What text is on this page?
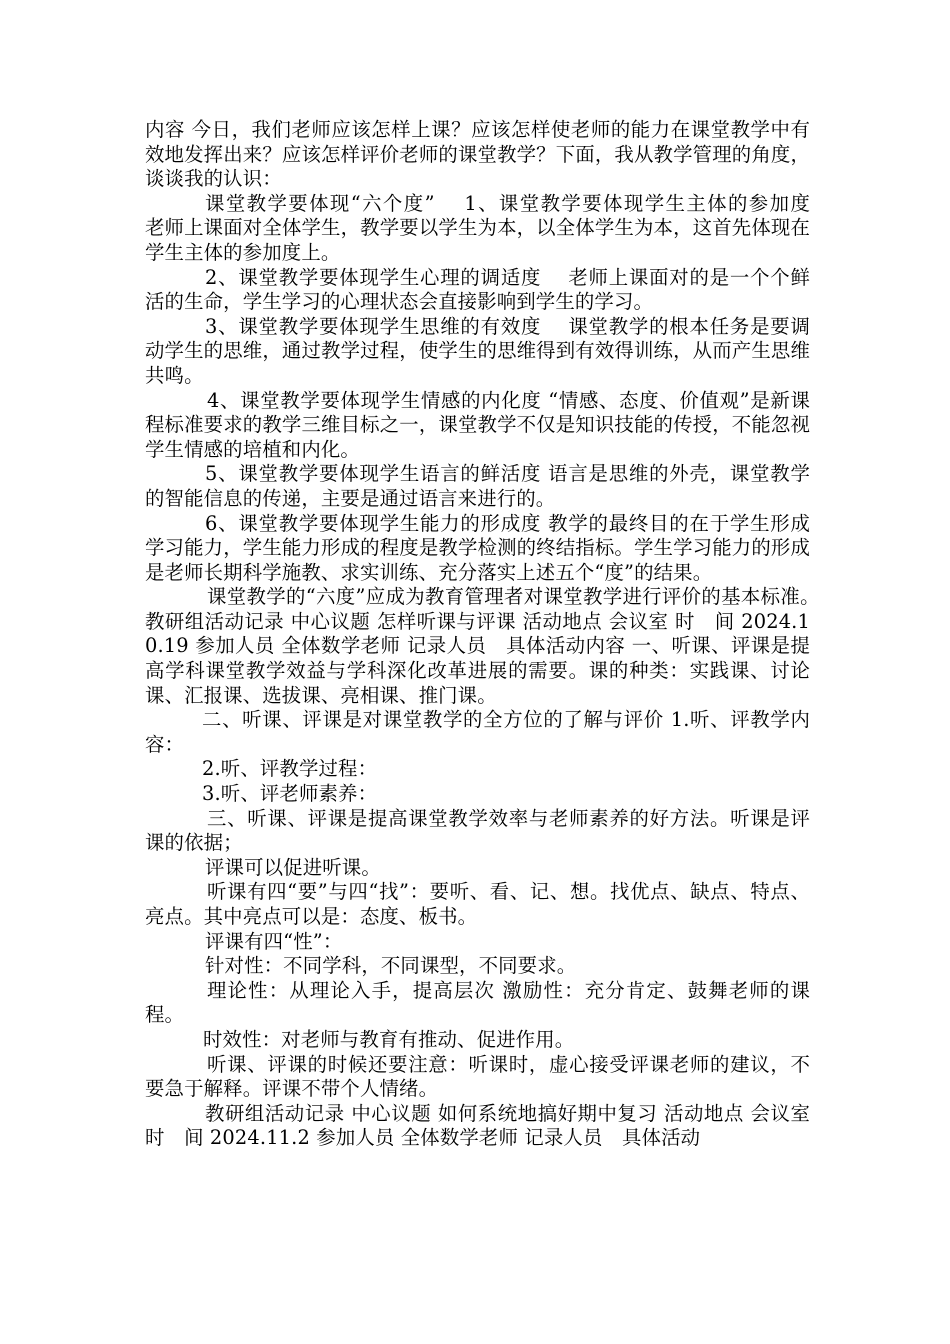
内容 今日，我们老师应该怎样上课？应该怎样使老师的能力在课堂教学中有效地发挥出来？应该怎样评价老师的课堂教学？下面，我从教学管理的角度，谈谈我的认识：

课堂教学要体现“六个度”　 1、课堂教学要体现学生主体的参加度　 老师上课面对全体学生，教学要以学生为本，以全体学生为本，这首先体现在学生主体的参加度上。

2、课堂教学要体现学生心理的调适度　 老师上课面对的是一个个鲜活的生命，学生学习的心理状态会直接影响到学生的学习。

3、课堂教学要体现学生思维的有效度　 课堂教学的根本任务是要调动学生的思维，通过教学过程，使学生的思维得到有效得训练，从而产生思维共鸣。

4、课堂教学要体现学生情感的内化度 “情感、态度、价值观”是新课程标准要求的教学三维目标之一，课堂教学不仅是知识技能的传授，不能忽视学生情感的培植和内化。

5、课堂教学要体现学生语言的鲜活度 语言是思维的外壳，课堂教学的智能信息的传递，主要是通过语言来进行的。

6、课堂教学要体现学生能力的形成度 教学的最终目的在于学生形成学习能力，学生能力形成的程度是教学检测的终结指标。学生学习能力的形成是老师长期科学施教、求实训练、充分落实上述五个“度”的结果。

课堂教学的“六度”应成为教育管理者对课堂教学进行评价的基本标准。　　教研组活动记录 中心议题 怎样听课与评课 活动地点 会议室 时　间 2024.10.19 参加人员 全体数学老师 记录人员　具体活动内容 一、听课、评课是提高学科课堂教学效益与学科深化改革进展的需要。课的种类：实践课、讨论课、汇报课、选拔课、亮相课、推门课。

二、听课、评课是对课堂教学的全方位的了解与评价 1.听、评教学内容：

2.听、评教学过程：

3.听、评老师素养：

三、听课、评课是提高课堂教学效率与老师素养的好方法。听课是评课的依据；

评课可以促进听课。

听课有四“要”与四“找”：要听、看、记、想。找优点、缺点、特点、亮点。其中亮点可以是：态度、板书。

评课有四“性”：

针对性：不同学科，不同课型，不同要求。

理论性：从理论入手，提高层次 激励性：充分肯定、鼓舞老师的课程。

时效性：对老师与教育有推动、促进作用。

听课、评课的时候还要注意：听课时，虚心接受评课老师的建议，不要急于解释。评课不带个人情绪。

教研组活动记录 中心议题 如何系统地搞好期中复习 活动地点 会议室 时　间 2024.11.2 参加人员 全体数学老师 记录人员　具体活动
